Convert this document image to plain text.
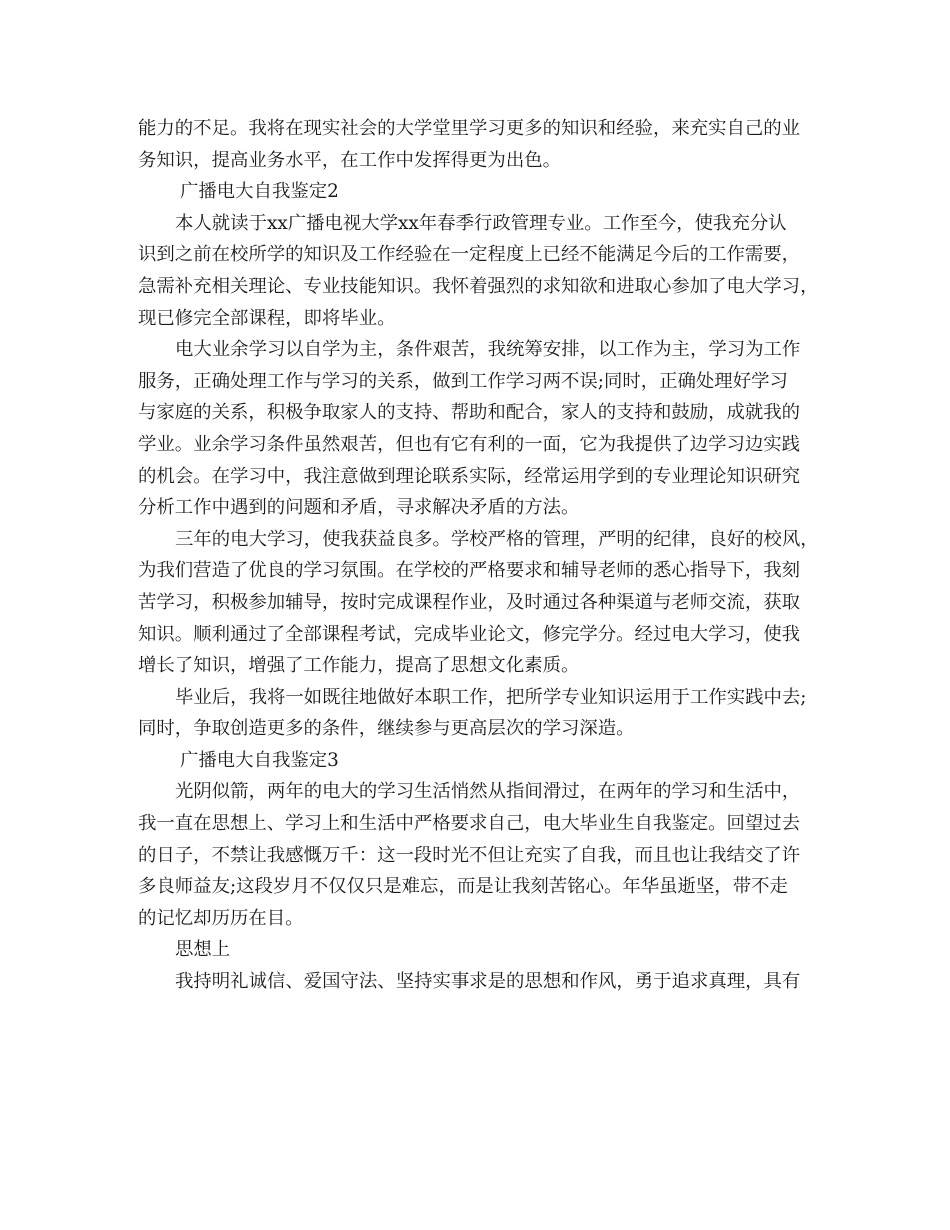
能力的不足。我将在现实社会的大学堂里学习更多的知识和经验，来充实自己的业
务知识，提高业务水平，在工作中发挥得更为出色。
广播电大自我鉴定2
本人就读于xx广播电视大学xx年春季行政管理专业。工作至今，使我充分认
识到之前在校所学的知识及工作经验在一定程度上已经不能满足今后的工作需要，
急需补充相关理论、专业技能知识。我怀着强烈的求知欲和进取心参加了电大学习，
现已修完全部课程，即将毕业。
电大业余学习以自学为主，条件艰苦，我统筹安排，以工作为主，学习为工作
服务，正确处理工作与学习的关系，做到工作学习两不误;同时，正确处理好学习
与家庭的关系，积极争取家人的支持、帮助和配合，家人的支持和鼓励，成就我的
学业。业余学习条件虽然艰苦，但也有它有利的一面，它为我提供了边学习边实践
的机会。在学习中，我注意做到理论联系实际，经常运用学到的专业理论知识研究
分析工作中遇到的问题和矛盾，寻求解决矛盾的方法。
三年的电大学习，使我获益良多。学校严格的管理，严明的纪律，良好的校风，
为我们营造了优良的学习氛围。在学校的严格要求和辅导老师的悉心指导下，我刻
苦学习，积极参加辅导，按时完成课程作业，及时通过各种渠道与老师交流，获取
知识。顺利通过了全部课程考试，完成毕业论文，修完学分。经过电大学习，使我
增长了知识，增强了工作能力，提高了思想文化素质。
毕业后，我将一如既往地做好本职工作，把所学专业知识运用于工作实践中去;
同时，争取创造更多的条件，继续参与更高层次的学习深造。
广播电大自我鉴定3
光阴似箭，两年的电大的学习生活悄然从指间滑过，在两年的学习和生活中，
我一直在思想上、学习上和生活中严格要求自己，电大毕业生自我鉴定。回望过去
的日子，不禁让我感慨万千：这一段时光不但让充实了自我，而且也让我结交了许
多良师益友;这段岁月不仅仅只是难忘，而是让我刻苦铭心。年华虽逝坚，带不走
的记忆却历历在目。
思想上
我持明礼诚信、爱国守法、坚持实事求是的思想和作风，勇于追求真理，具有
